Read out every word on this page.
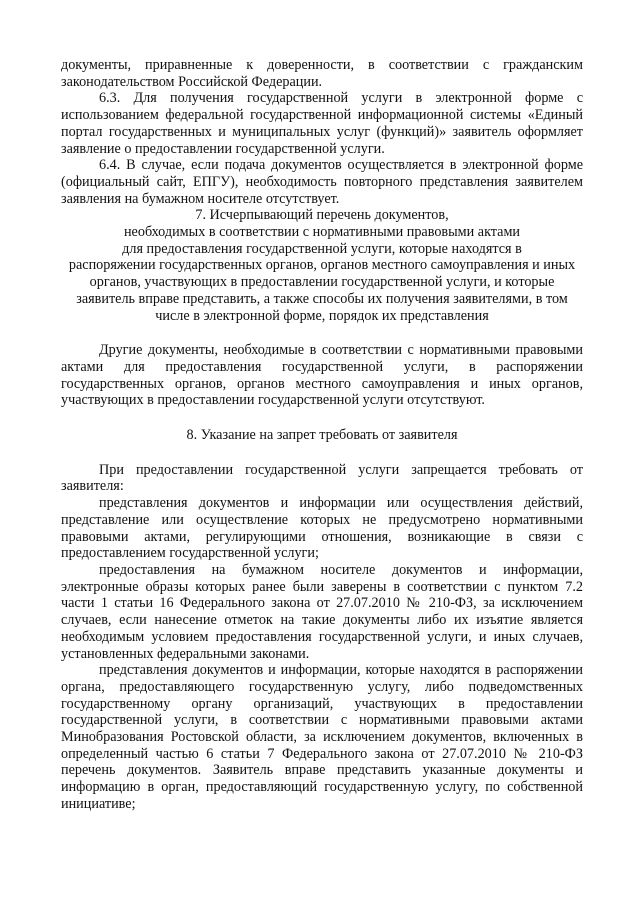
документы, приравненные к доверенности, в соответствии с гражданским законодательством Российской Федерации.

6.3. Для получения государственной услуги в электронной форме с использованием федеральной государственной информационной системы «Единый портал государственных и муниципальных услуг (функций)» заявитель оформляет заявление о предоставлении государственной услуги.

6.4. В случае, если подача документов осуществляется в электронной форме (официальный сайт, ЕПГУ), необходимость повторного представления заявителем заявления на бумажном носителе отсутствует.

7. Исчерпывающий перечень документов,

необходимых в соответствии с нормативными правовыми актами

для предоставления государственной услуги, которые находятся в

распоряжении государственных органов, органов местного самоуправления и иных

органов, участвующих в предоставлении государственной услуги, и которые

заявитель вправе представить, а также способы их получения заявителями, в том

числе в электронной форме, порядок их представления

Другие документы, необходимые в соответствии с нормативными правовыми актами для предоставления государственной услуги, в распоряжении государственных органов, органов местного самоуправления и иных органов, участвующих в предоставлении государственной услуги отсутствуют.

8. Указание на запрет требовать от заявителя

При предоставлении государственной услуги запрещается требовать от заявителя:

представления документов и информации или осуществления действий, представление или осуществление которых не предусмотрено нормативными правовыми актами, регулирующими отношения, возникающие в связи с предоставлением государственной услуги;

предоставления на бумажном носителе документов и информации, электронные образы которых ранее были заверены в соответствии с пунктом 7.2 части 1 статьи 16 Федерального закона от 27.07.2010 № 210-ФЗ, за исключением случаев, если нанесение отметок на такие документы либо их изъятие является необходимым условием предоставления государственной услуги, и иных случаев, установленных федеральными законами.

представления документов и информации, которые находятся в распоряжении органа, предоставляющего государственную услугу, либо подведомственных государственному органу организаций, участвующих в предоставлении государственной услуги, в соответствии с нормативными правовыми актами Минобразования Ростовской области, за исключением документов, включенных в определенный частью 6 статьи 7 Федерального закона от 27.07.2010 № 210-ФЗ перечень документов. Заявитель вправе представить указанные документы и информацию в орган, предоставляющий государственную услугу, по собственной инициативе;
